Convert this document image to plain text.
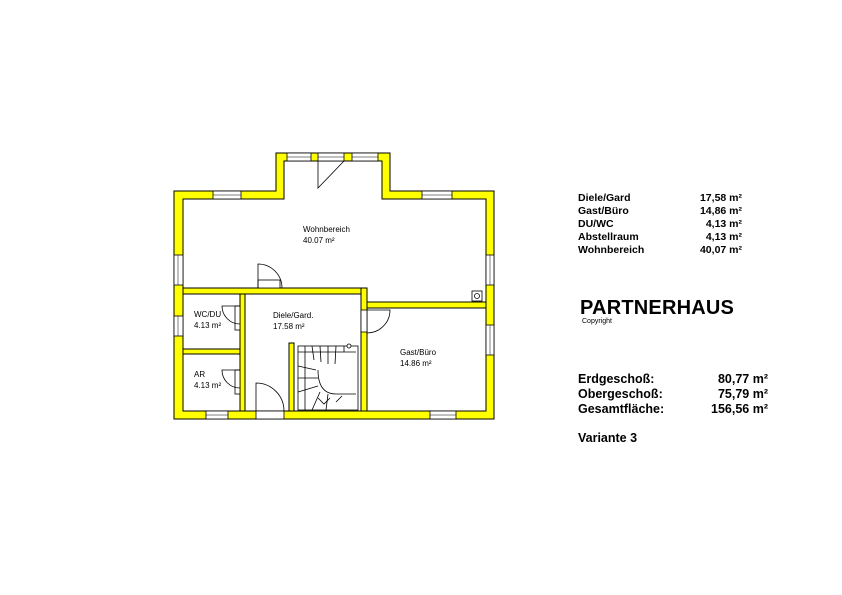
Wohnbereich
40.07 m²
WC/DU
4.13 m²
Diele/Gard.
17.58 m²
Gast/Büro
14.86 m²
AR
4.13 m²
Diele/Gard	17,58 m²
Gast/Büro	14,86 m²
DU/WC	4,13 m²
Abstellraum	4,13 m²
Wohnbereich	40,07 m²
PARTNERHAUS
Copyright
Erdgeschoß:	80,77 m²
Obergeschoß:	75,79 m²
Gesamtfläche:	156,56 m²
Variante 3
